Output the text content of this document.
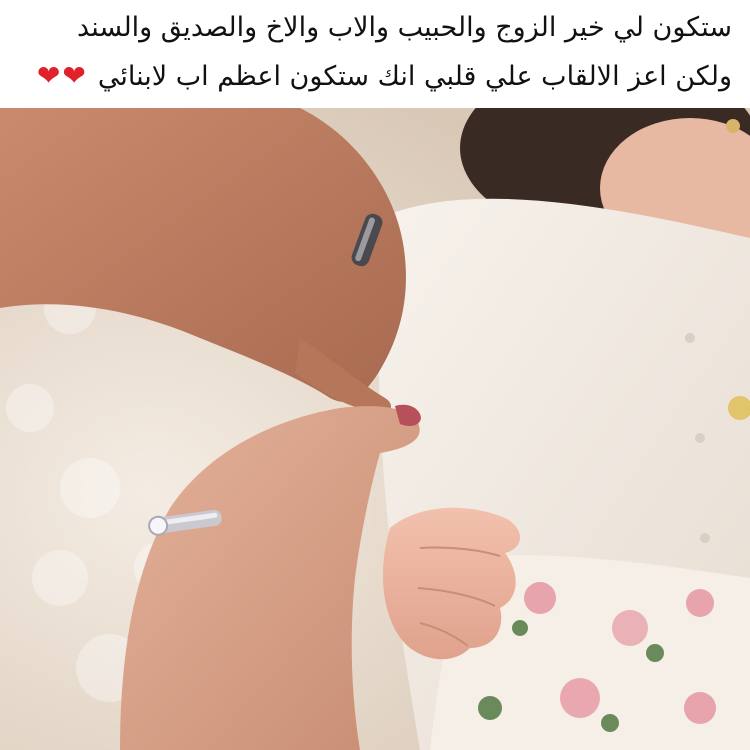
ستكون لي خير الزوج والحبيب والاب والاخ والصديق والسند
ولكن اعز الالقاب علي قلبي انك ستكون اعظم اب لابنائي❤❤
